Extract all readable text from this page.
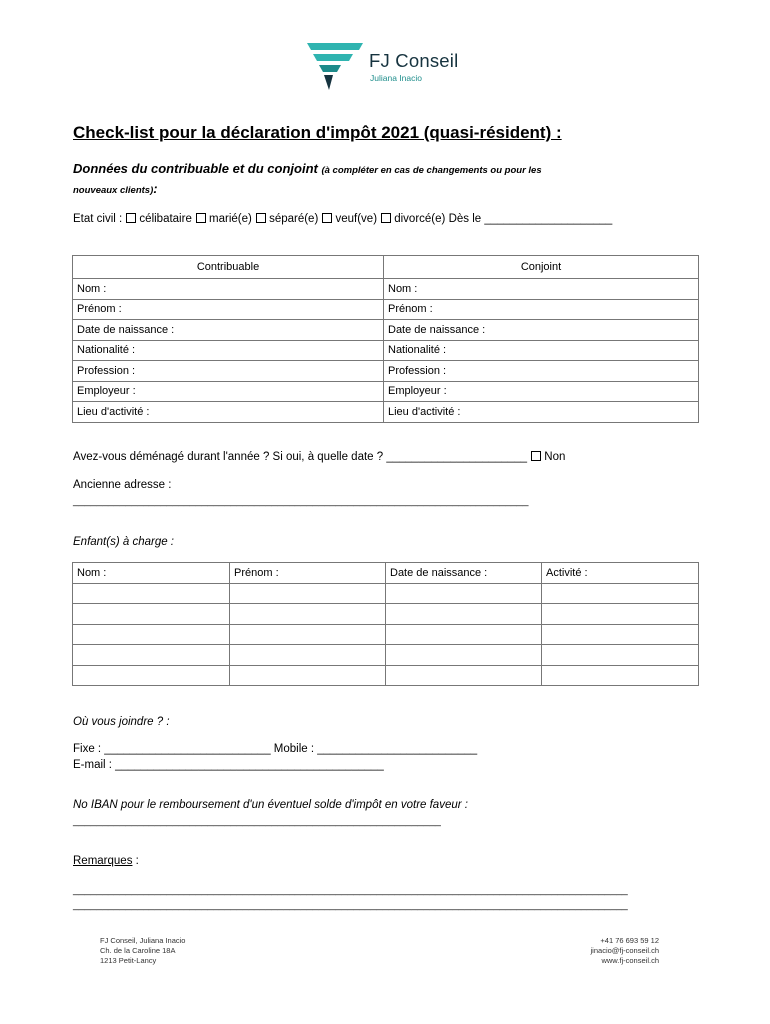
FJ Conseil
Juliana Inacio
Check-list pour la déclaration d'impôt 2021 (quasi-résident) :
Données du contribuable et du conjoint (à compléter en cas de changements ou pour les
nouveaux clients):
Etat civil : célibataire marié(e) séparé(e) veuf(ve) divorcé(e) Dès le ____________________
Contribuable	Conjoint
Nom :	Nom :
Prénom :	Prénom :
Date de naissance :	Date de naissance :
Nationalité :	Nationalité :
Profession :	Profession :
Employeur :	Employeur :
Lieu d'activité :	Lieu d'activité :
Avez-vous déménagé durant l'année ? Si oui, à quelle date ? ______________________ Non
Ancienne adresse :
______________________________________________________________________________
Enfant(s) à charge :
Nom :	Prénom :	Date de naissance :	Activité :

Où vous joindre ? :
Fixe : __________________________ Mobile : _________________________
E-mail : __________________________________________
No IBAN pour le remboursement d'un éventuel solde d'impôt en votre faveur :
_______________________________________________________________
Remarques :
_______________________________________________________________________________________________
_______________________________________________________________________________________________
FJ Conseil, Juliana Inacio
Ch. de la Caroline 18A
1213 Petit-Lancy
+41 76 693 59 12
jinacio@fj-conseil.ch
www.fj-conseil.ch
